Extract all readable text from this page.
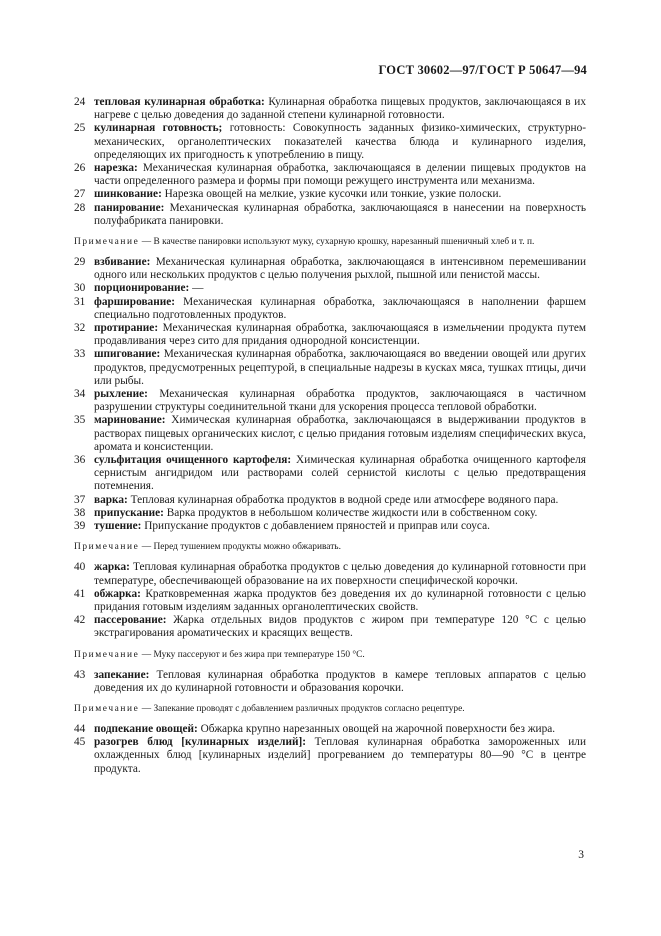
ГОСТ 30602—97/ГОСТ Р 50647—94
24 тепловая кулинарная обработка: Кулинарная обработка пищевых продуктов, заключающаяся в их нагреве с целью доведения до заданной степени кулинарной готовности.
25 кулинарная готовность; готовность: Совокупность заданных физико-химических, структурно-механических, органолептических показателей качества блюда и кулинарного изделия, определяющих их пригодность к употреблению в пищу.
26 нарезка: Механическая кулинарная обработка, заключающаяся в делении пищевых продуктов на части определенного размера и формы при помощи режущего инструмента или механизма.
27 шинкование: Нарезка овощей на мелкие, узкие кусочки или тонкие, узкие полоски.
28 панирование: Механическая кулинарная обработка, заключающаяся в нанесении на поверхность полуфабриката панировки.
Примечание — В качестве панировки используют муку, сухарную крошку, нарезанный пшеничный хлеб и т. п.
29 взбивание: Механическая кулинарная обработка, заключающаяся в интенсивном перемешивании одного или нескольких продуктов с целью получения рыхлой, пышной или пенистой массы.
30 порционирование: —
31 фарширование: Механическая кулинарная обработка, заключающаяся в наполнении фаршем специально подготовленных продуктов.
32 протирание: Механическая кулинарная обработка, заключающаяся в измельчении продукта путем продавливания через сито для придания однородной консистенции.
33 шпигование: Механическая кулинарная обработка, заключающаяся во введении овощей или других продуктов, предусмотренных рецептурой, в специальные надрезы в кусках мяса, тушках птицы, дичи или рыбы.
34 рыхление: Механическая кулинарная обработка продуктов, заключающаяся в частичном разрушении структуры соединительной ткани для ускорения процесса тепловой обработки.
35 маринование: Химическая кулинарная обработка, заключающаяся в выдерживании продуктов в растворах пищевых органических кислот, с целью придания готовым изделиям специфических вкуса, аромата и консистенции.
36 сульфитация очищенного картофеля: Химическая кулинарная обработка очищенного картофеля сернистым ангидридом или растворами солей сернистой кислоты с целью предотвращения потемнения.
37 варка: Тепловая кулинарная обработка продуктов в водной среде или атмосфере водяного пара.
38 припускание: Варка продуктов в небольшом количестве жидкости или в собственном соку.
39 тушение: Припускание продуктов с добавлением пряностей и приправ или соуса.
Примечание — Перед тушением продукты можно обжаривать.
40 жарка: Тепловая кулинарная обработка продуктов с целью доведения до кулинарной готовности при температуре, обеспечивающей образование на их поверхности специфической корочки.
41 обжарка: Кратковременная жарка продуктов без доведения их до кулинарной готовности с целью придания готовым изделиям заданных органолептических свойств.
42 пассерование: Жарка отдельных видов продуктов с жиром при температуре 120 °С с целью экстрагирования ароматических и красящих веществ.
Примечание — Муку пассеруют и без жира при температуре 150 °С.
43 запекание: Тепловая кулинарная обработка продуктов в камере тепловых аппаратов с целью доведения их до кулинарной готовности и образования корочки.
Примечание — Запекание проводят с добавлением различных продуктов согласно рецептуре.
44 подпекание овощей: Обжарка крупно нарезанных овощей на жарочной поверхности без жира.
45 разогрев блюд [кулинарных изделий]: Тепловая кулинарная обработка замороженных или охлажденных блюд [кулинарных изделий] прогреванием до температуры 80—90 °С в центре продукта.
3
